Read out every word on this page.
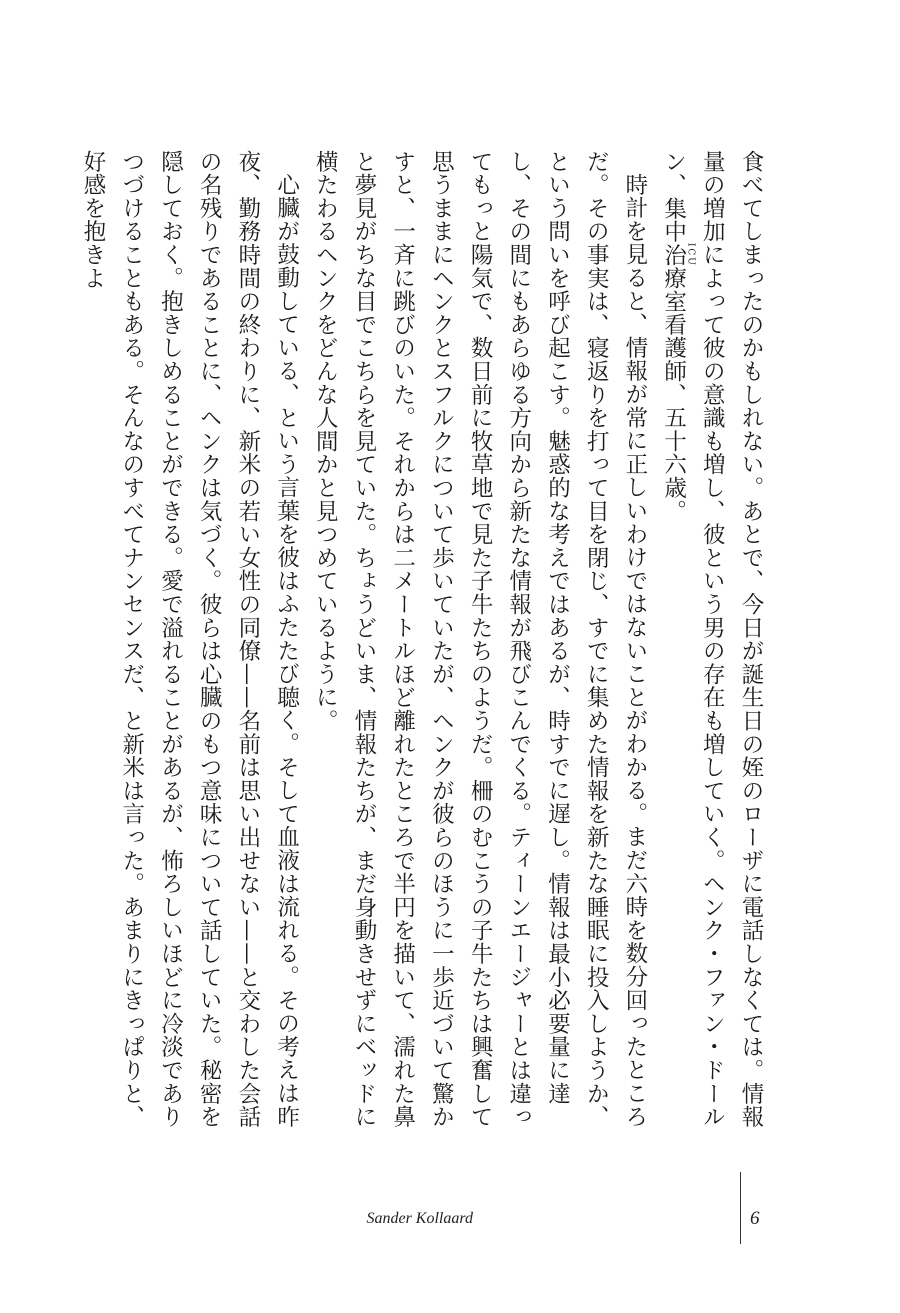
食べてしまったのかもしれない。あとで、今日が誕生日の姪のローザに電話しなくては。情報量の増加によって彼の意識も増し、彼という男の存在も増していく。ヘンク・ファン・ドールン、集中治療室 ICU看護師、五十六歳。

時計を見ると、情報が常に正しいわけではないことがわかる。まだ六時を数分回ったところだ。その事実は、寝返りを打って目を閉じ、すでに集めた情報を新たな睡眠に投入しようか、という問いを呼び起こす。魅惑的な考えではあるが、時すでに遅し。情報は最小必要量に達し、その間にもあらゆる方向から新たな情報が飛びこんでくる。ティーンエージャーとは違ってもっと陽気で、数日前に牧草地で見た子牛たちのようだ。柵のむこうの子牛たちは興奮して思うままにヘンクとスフルクについて歩いていたが、ヘンクが彼らのほうに一歩近づいて驚かすと、一斉に跳びのいた。それからは二メートルほど離れたところで半円を描いて、濡れた鼻と夢見がちな目でこちらを見ていた。ちょうどいま、情報たちが、まだ身動きせずにベッドに横たわるヘンクをどんな人間かと見つめているように。

心臓が鼓動している、という言葉を彼はふたたび聴く。そして血液は流れる。その考えは昨夜、勤務時間の終わりに、新米の若い女性の同僚——名前は思い出せない——と交わした会話の名残りであることに、ヘンクは気づく。彼らは心臓のもつ意味について話していた。秘密を隠しておく。抱きしめることができる。愛で溢れることがあるが、怖ろしいほどに冷淡でありつづけることもある。そんなのすべてナンセンスだ、と新米は言った。あまりにきっぱりと、好感を抱きよ

Sander Kollaard	6
